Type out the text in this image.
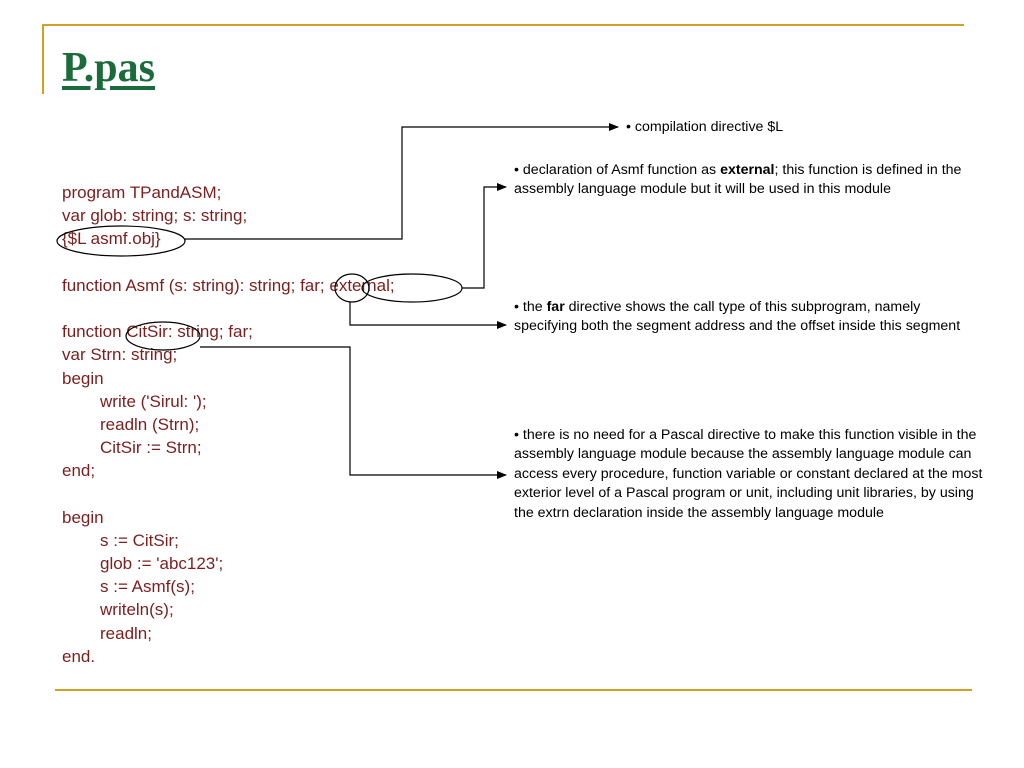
P.pas
program TPandASM;
var glob: string; s: string;
{$L asmf.obj}
function Asmf (s: string): string; far; external;
function CitSir: string; far;
var Strn: string;
begin
write ('Sirul: ');
readln (Strn);
CitSir := Strn;
end;
begin
s := CitSir;
glob := 'abc123';
s := Asmf(s);
writeln(s);
readln;
end.
• compilation directive $L
• declaration of Asmf function as external; this function is defined in the assembly language module but it will be used in this module
• the far directive shows the call type of this subprogram, namely specifying both the segment address and the offset inside this segment
• there is no need for a Pascal directive to make this function visible in the assembly language module because the assembly language module can access every procedure, function variable or constant declared at the most exterior level of a Pascal program or unit, including unit libraries, by using the extrn declaration inside the assembly language module
